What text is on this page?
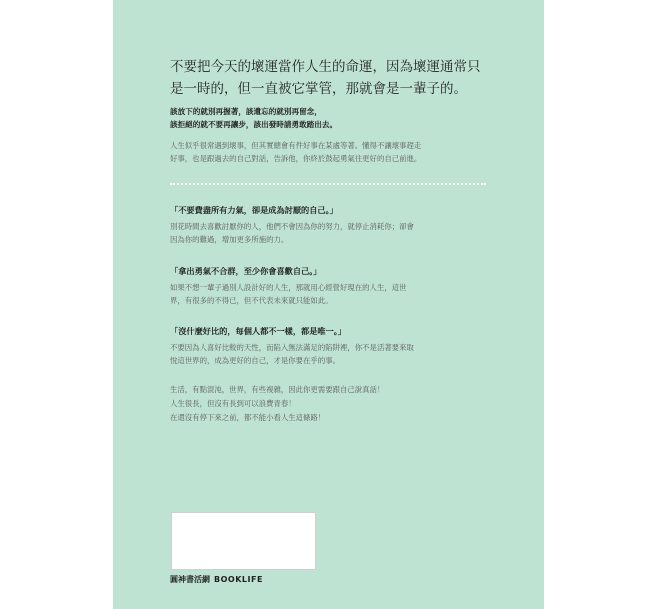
不要把今天的壞運當作人生的命運，因為壞運通常只
是一時的，但一直被它掌管，那就會是一輩子的。
該放下的就別再握著，該遺忘的就別再留念，
該拒絕的就不要再讓步，該出發時請勇敢踏出去。
人生似乎很常遇到壞事，但其實總會有件好事在某處等著。懂得不讓壞事趕走
好事，也是跟過去的自己對話，告訴他，你終於鼓起勇氣往更好的自己前進。
「不要費盡所有力氣，卻是成為討厭的自己。」
別花時間去喜歡討厭你的人，他們不會因為你的努力，就停止消耗你；卻會
因為你的難過，增加更多所施的力。
「拿出勇氣不合群，至少你會喜歡自己。」
如果不想一輩子過別人設計好的人生，那就用心經營好現在的人生，這世
界，有很多的不得已，但不代表未來就只能如此。
「沒什麼好比的，每個人都不一樣，都是唯一。」
不要因為人喜好比較的天性，而陷入無法滿足的陷阱裡，你不是活著要來取
悅這世界的，成為更好的自己，才是你要在乎的事。
生活，有點混沌，世界，有些複雜，因此你更需要跟自己說真話！
人生很長，但沒有長到可以浪費青春！
在還沒有停下來之前，都不能小看人生這條路！
圓神書活網 BOOKLIFE
